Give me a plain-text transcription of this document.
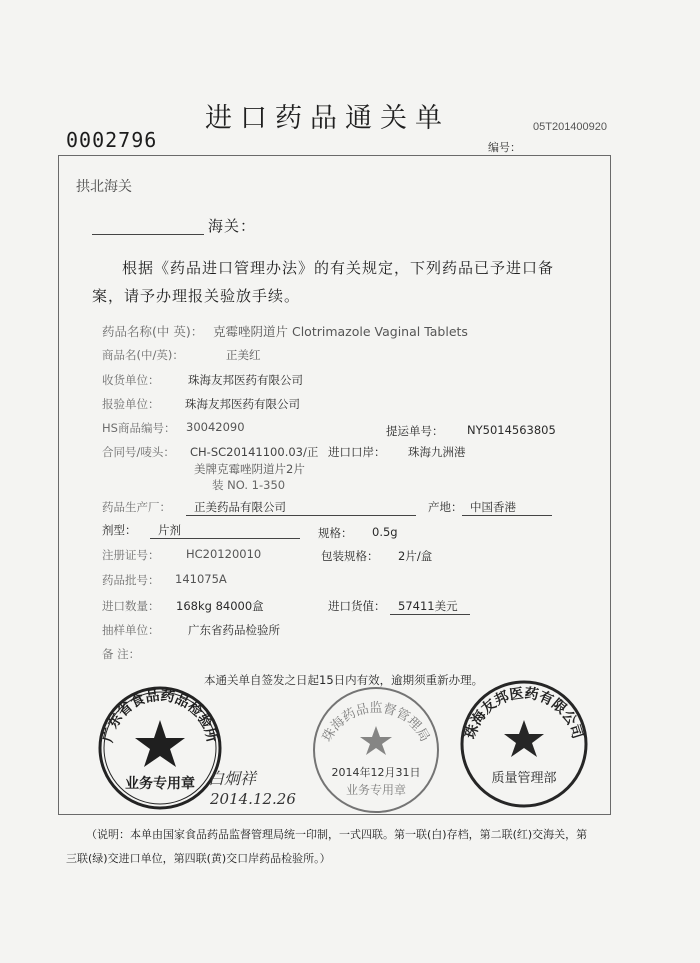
进口药品通关单
0002796
05T201400920
编号：
拱北海关
海关：
根据《药品进口管理办法》的有关规定，下列药品已予进口备
案，请予办理报关验放手续。
药品名称(中 英)： 克霉唑阴道片 Clotrimazole Vaginal Tablets
商品名(中/英)：	正美红
收货单位： 珠海友邦医药有限公司
报验单位： 珠海友邦医药有限公司
HS商品编号： 30042090	提运单号： NY5014563805
合同号/唛头： CH-SC20141100.03/正 进口口岸： 珠海九洲港
美牌克霉唑阴道片2片
装 NO. 1-350
药品生产厂： 正美药品有限公司	产地： 中国香港
剂型： 片剂	规格： 0.5g
注册证号： HC20120010	包装规格： 2片/盒
药品批号： 141075A
进口数量： 168kg 84000盒	进口货值： 57411美元
抽样单位： 广东省药品检验所
备 注：
本通关单自签发之日起15日内有效，逾期须重新办理。
广东省食品药品检验所
业务专用章
珠海药品监督管理局
2014年12月31日
业务专用章
珠海友邦医药有限公司
质量管理部
白炯祥
2014.12.26
（说明：本单由国家食品药品监督管理局统一印制，一式四联。第一联(白)存档，第二联(红)交海关，第
三联(绿)交进口单位，第四联(黄)交口岸药品检验所。）
